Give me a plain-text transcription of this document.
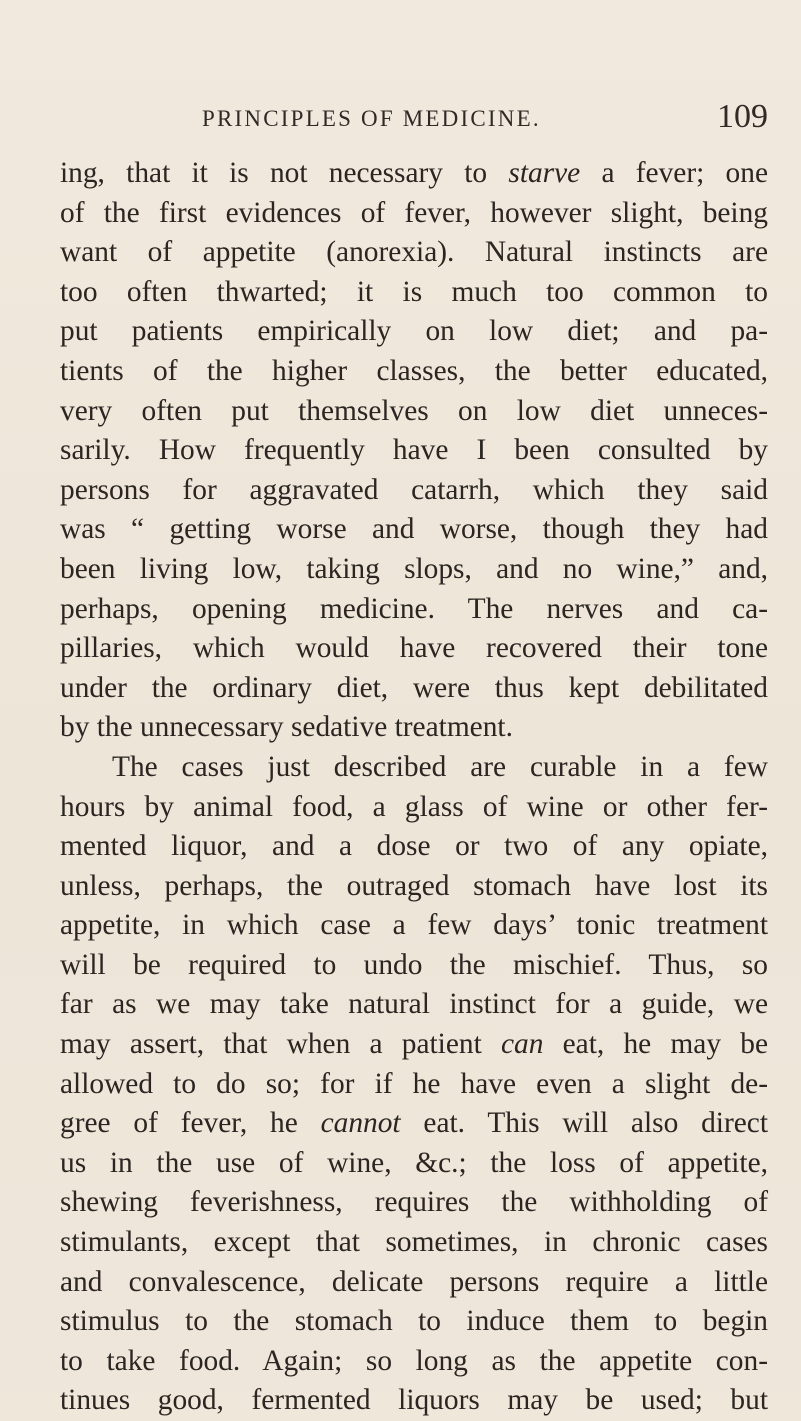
PRINCIPLES OF MEDICINE.	109
ing, that it is not necessary to starve a fever; one
of the first evidences of fever, however slight, being
want of appetite (anorexia). Natural instincts are
too often thwarted; it is much too common to
put patients empirically on low diet; and pa-
tients of the higher classes, the better educated,
very often put themselves on low diet unneces-
sarily. How frequently have I been consulted by
persons for aggravated catarrh, which they said
was “ getting worse and worse, though they had
been living low, taking slops, and no wine,” and,
perhaps, opening medicine. The nerves and ca-
pillaries, which would have recovered their tone
under the ordinary diet, were thus kept debilitated
by the unnecessary sedative treatment.
The cases just described are curable in a few
hours by animal food, a glass of wine or other fer-
mented liquor, and a dose or two of any opiate,
unless, perhaps, the outraged stomach have lost its
appetite, in which case a few days’ tonic treatment
will be required to undo the mischief. Thus, so
far as we may take natural instinct for a guide, we
may assert, that when a patient can eat, he may be
allowed to do so; for if he have even a slight de-
gree of fever, he cannot eat. This will also direct
us in the use of wine, &c.; the loss of appetite,
shewing feverishness, requires the withholding of
stimulants, except that sometimes, in chronic cases
and convalescence, delicate persons require a little
stimulus to the stomach to induce them to begin
to take food. Again; so long as the appetite con-
tinues good, fermented liquors may be used; but
